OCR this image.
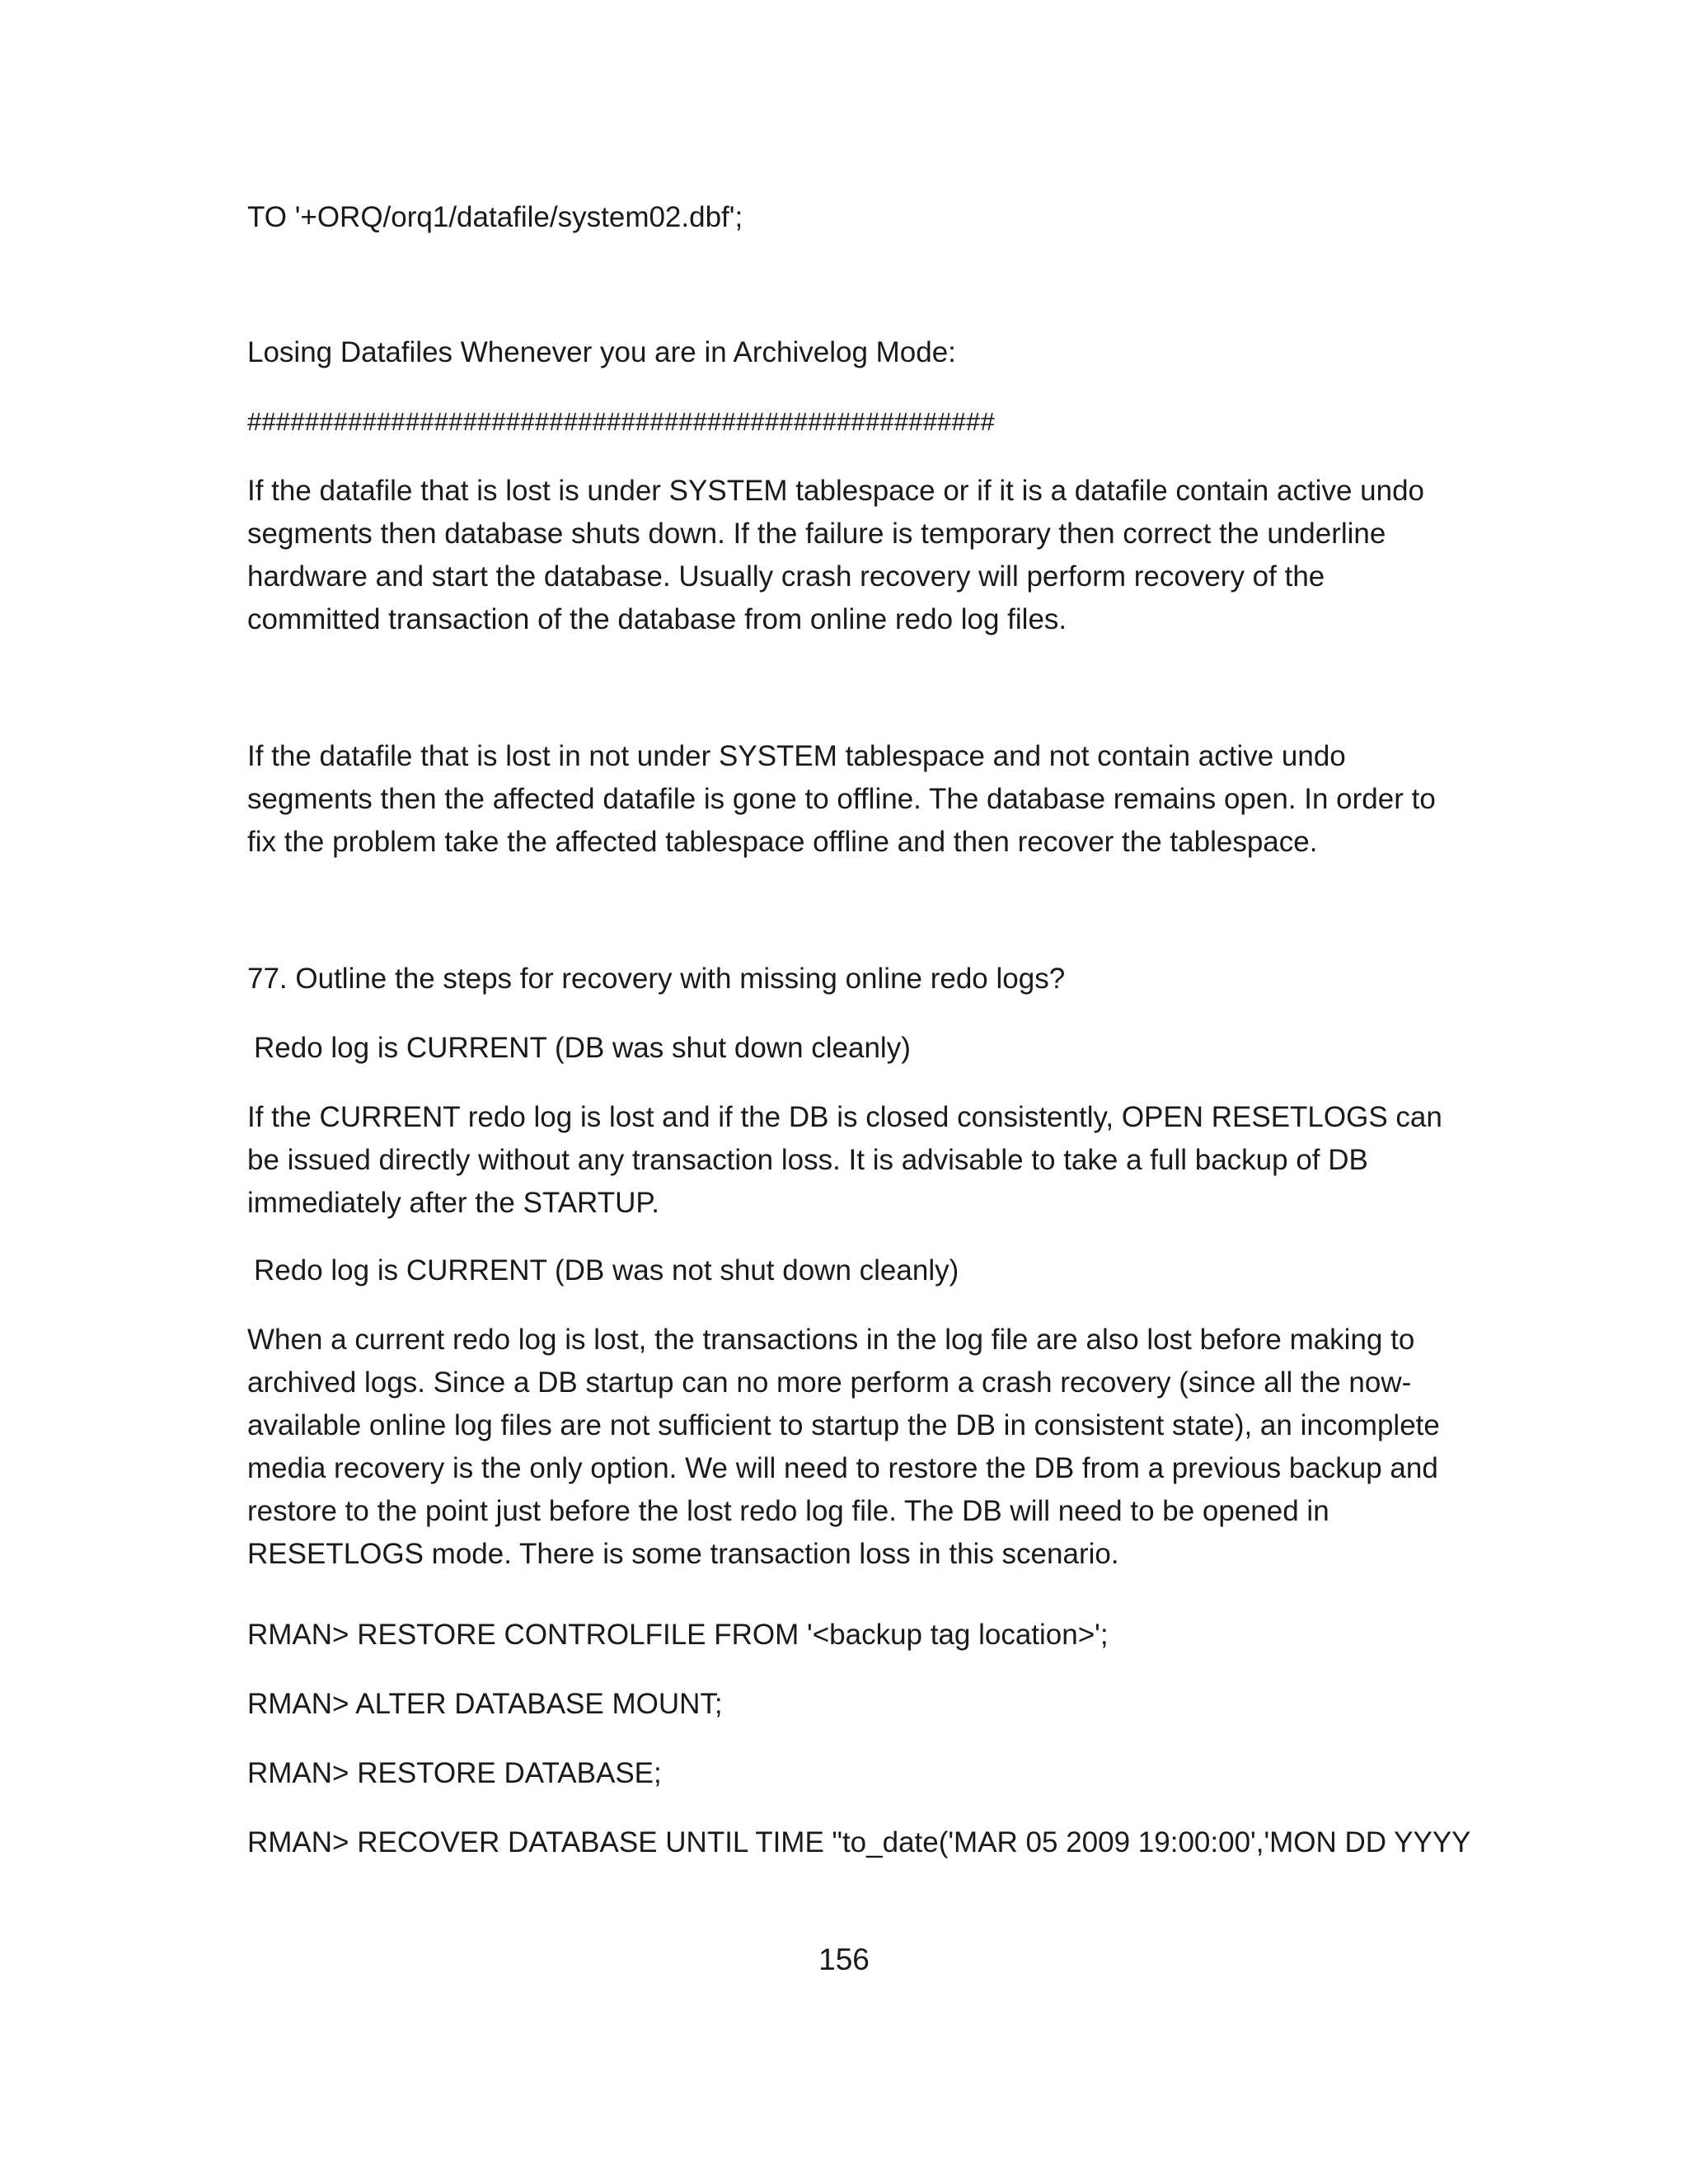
TO '+ORQ/orq1/datafile/system02.dbf';

Losing Datafiles Whenever you are in Archivelog Mode:

####################################################

If the datafile that is lost is under SYSTEM tablespace or if it is a datafile contain active undo segments then database shuts down. If the failure is temporary then correct the underline hardware and start the database. Usually crash recovery will perform recovery of the committed transaction of the database from online redo log files.

If the datafile that is lost in not under SYSTEM tablespace and not contain active undo segments then the affected datafile is gone to offline. The database remains open. In order to fix the problem take the affected tablespace offline and then recover the tablespace.

77. Outline the steps for recovery with missing online redo logs?

Redo log is CURRENT (DB was shut down cleanly)

If the CURRENT redo log is lost and if the DB is closed consistently, OPEN RESETLOGS can be issued directly without any transaction loss. It is advisable to take a full backup of DB immediately after the STARTUP.

Redo log is CURRENT (DB was not shut down cleanly)

When a current redo log is lost, the transactions in the log file are also lost before making to archived logs. Since a DB startup can no more perform a crash recovery (since all the now-available online log files are not sufficient to startup the DB in consistent state), an incomplete media recovery is the only option. We will need to restore the DB from a previous backup and restore to the point just before the lost redo log file. The DB will need to be opened in RESETLOGS mode. There is some transaction loss in this scenario.

RMAN> RESTORE CONTROLFILE FROM '<backup tag location>';

RMAN> ALTER DATABASE MOUNT;

RMAN> RESTORE DATABASE;

RMAN> RECOVER DATABASE UNTIL TIME "to_date('MAR 05 2009 19:00:00','MON DD YYYY

156
